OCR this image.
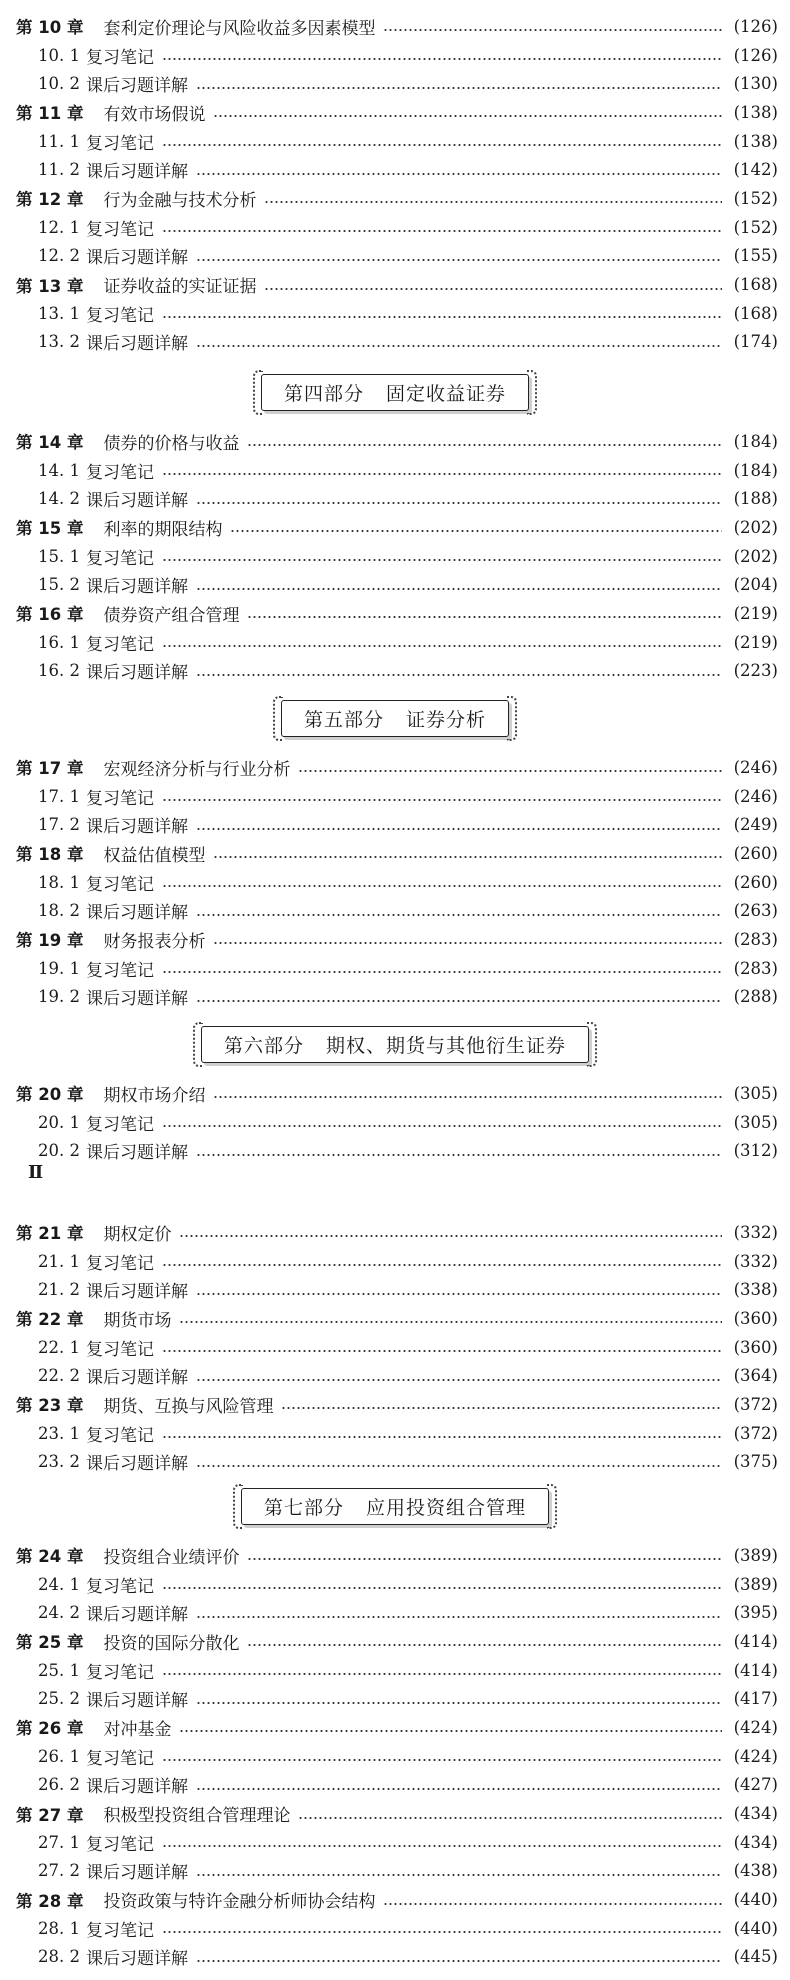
第 10 章 套利定价理论与风险收益多因素模型	(126)
10. 1 复习笔记	(126)
10. 2 课后习题详解	(130)
第 11 章 有效市场假说	(138)
11. 1 复习笔记	(138)
11. 2 课后习题详解	(142)
第 12 章 行为金融与技术分析	(152)
12. 1 复习笔记	(152)
12. 2 课后习题详解	(155)
第 13 章 证券收益的实证证据	(168)
13. 1 复习笔记	(168)
13. 2 课后习题详解	(174)
第四部分 固定收益证券
第 14 章 债券的价格与收益	(184)
14. 1 复习笔记	(184)
14. 2 课后习题详解	(188)
第 15 章 利率的期限结构	(202)
15. 1 复习笔记	(202)
15. 2 课后习题详解	(204)
第 16 章 债券资产组合管理	(219)
16. 1 复习笔记	(219)
16. 2 课后习题详解	(223)
第五部分 证券分析
第 17 章 宏观经济分析与行业分析	(246)
17. 1 复习笔记	(246)
17. 2 课后习题详解	(249)
第 18 章 权益估值模型	(260)
18. 1 复习笔记	(260)
18. 2 课后习题详解	(263)
第 19 章 财务报表分析	(283)
19. 1 复习笔记	(283)
19. 2 课后习题详解	(288)
第六部分 期权、期货与其他衍生证券
第 20 章 期权市场介绍	(305)
20. 1 复习笔记	(305)
20. 2 课后习题详解	(312)
Ⅱ
第 21 章 期权定价	(332)
21. 1 复习笔记	(332)
21. 2 课后习题详解	(338)
第 22 章 期货市场	(360)
22. 1 复习笔记	(360)
22. 2 课后习题详解	(364)
第 23 章 期货、互换与风险管理	(372)
23. 1 复习笔记	(372)
23. 2 课后习题详解	(375)
第七部分 应用投资组合管理
第 24 章 投资组合业绩评价	(389)
24. 1 复习笔记	(389)
24. 2 课后习题详解	(395)
第 25 章 投资的国际分散化	(414)
25. 1 复习笔记	(414)
25. 2 课后习题详解	(417)
第 26 章 对冲基金	(424)
26. 1 复习笔记	(424)
26. 2 课后习题详解	(427)
第 27 章 积极型投资组合管理理论	(434)
27. 1 复习笔记	(434)
27. 2 课后习题详解	(438)
第 28 章 投资政策与特许金融分析师协会结构	(440)
28. 1 复习笔记	(440)
28. 2 课后习题详解	(445)
